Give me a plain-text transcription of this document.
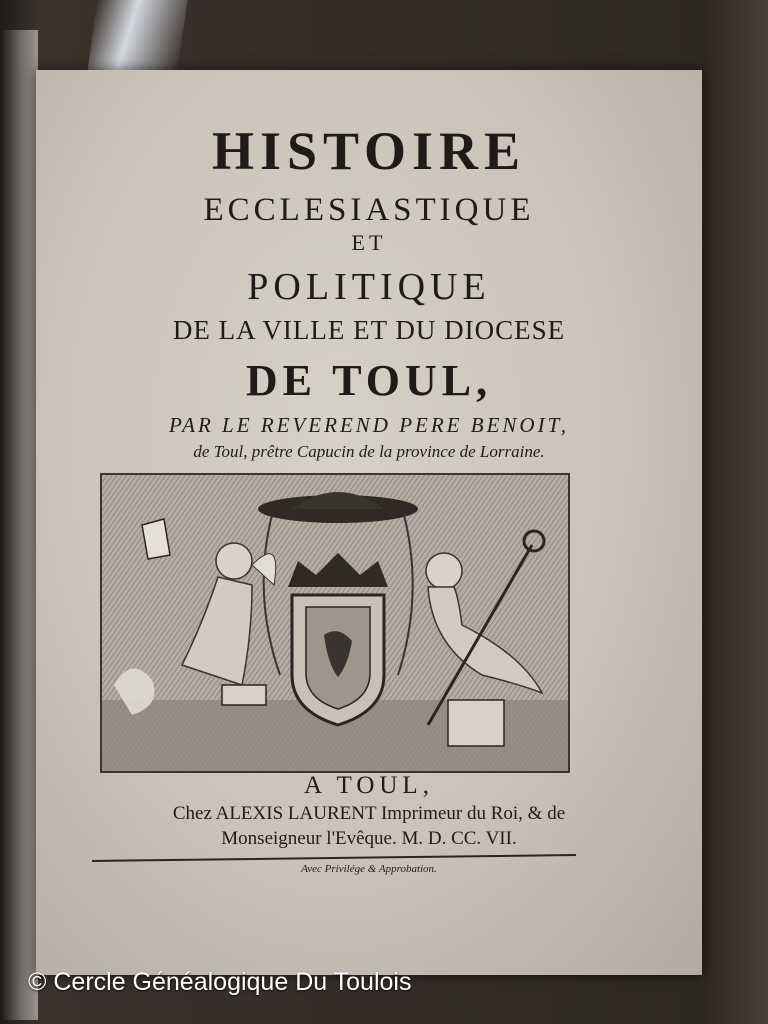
HISTOIRE
ECCLESIASTIQUE
ET
POLITIQUE
DE LA VILLE ET DU DIOCESE
DE TOUL,
PAR LE REVEREND PERE BENOIT,
de Toul, prêtre Capucin de la province de Lorraine.
A TOUL,
Chez ALEXIS LAURENT Imprimeur du Roi, & de
Monseigneur l'Evêque. M. D. CC. VII.
Avec Privilége & Approbation.
© Cercle Généalogique Du Toulois
